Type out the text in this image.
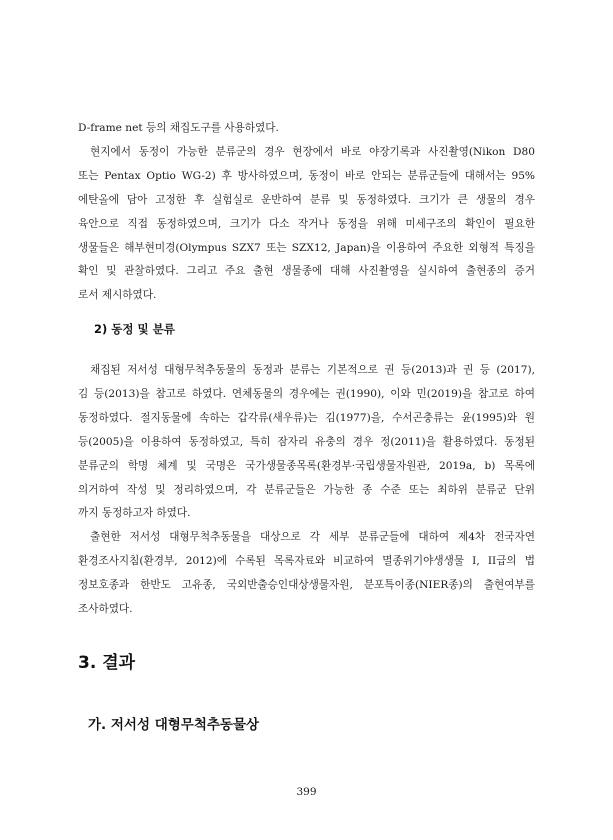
D-frame net 등의 채집도구를 사용하였다.
현지에서 동정이 가능한 분류군의 경우 현장에서 바로 야장기록과 사진촬영(Nikon D80
또는 Pentax Optio WG-2) 후 방사하였으며, 동정이 바로 안되는 분류군들에 대해서는 95%
에탄올에 담아 고정한 후 실험실로 운반하여 분류 및 동정하였다. 크기가 큰 생물의 경우
육안으로 직접 동정하였으며, 크기가 다소 작거나 동정을 위해 미세구조의 확인이 필요한
생물들은 해부현미경(Olympus SZX7 또는 SZX12, Japan)을 이용하여 주요한 외형적 특징을
확인 및 관찰하였다. 그리고 주요 출현 생물종에 대해 사진촬영을 실시하여 출현종의 증거
로서 제시하였다.
2) 동정 및 분류
채집된 저서성 대형무척추동물의 동정과 분류는 기본적으로 권 등(2013)과 권 등 (2017),
김 등(2013)을 참고로 하였다. 연체동물의 경우에는 권(1990), 이와 민(2019)을 참고로 하여
동정하였다. 절지동물에 속하는 갑각류(새우류)는 김(1977)을, 수서곤충류는 윤(1995)와 원
등(2005)을 이용하여 동정하였고, 특히 잠자리 유충의 경우 정(2011)을 활용하였다. 동정된
분류군의 학명 체계 및 국명은 국가생물종목록(환경부·국립생물자원관, 2019a, b) 목록에
의거하여 작성 및 정리하였으며, 각 분류군들은 가능한 종 수준 또는 최하위 분류군 단위
까지 동정하고자 하였다.
출현한 저서성 대형무척추동물을 대상으로 각 세부 분류군들에 대하여 제4차 전국자연
환경조사지침(환경부, 2012)에 수록된 목록자료와 비교하여 멸종위기야생생물 I, II급의 법
정보호종과 한반도 고유종, 국외반출승인대상생물자원, 분포특이종(NIER종)의 출현여부를
조사하였다.
3. 결과
가. 저서성 대형무척추동물상
399
